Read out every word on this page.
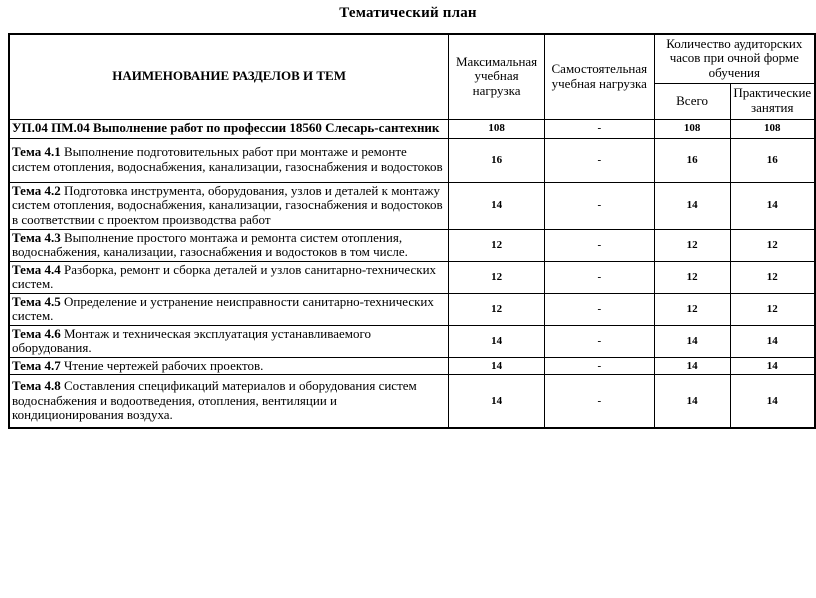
Тематический план
НАИМЕНОВАНИЕ РАЗДЕЛОВ И ТЕМ	Максимальная учебная нагрузка	Самостоятельная учебная нагрузка	Количество аудиторских часов при очной форме обучения	
			Всего	Практические занятия
УП.04 ПМ.04 Выполнение работ по профессии 18560 Слесарь-сантехник	108	-	108	108
Тема 4.1 Выполнение подготовительных работ при монтаже и ремонте систем отопления, водоснабжения, канализации, газоснабжения и водостоков	16	-	16	16
Тема 4.2 Подготовка инструмента, оборудования, узлов и деталей к монтажу систем отопления, водоснабжения, канализации, газоснабжения и водостоков в соответствии с проектом производства работ	14	-	14	14
Тема 4.3 Выполнение простого монтажа и ремонта систем отопления, водоснабжения, канализации, газоснабжения и водостоков в том числе.	12	-	12	12
Тема 4.4 Разборка, ремонт и сборка деталей и узлов санитарно-технических систем.	12	-	12	12
Тема 4.5 Определение и устранение неисправности санитарно-технических систем.	12	-	12	12
Тема 4.6 Монтаж и техническая эксплуатация устанавливаемого оборудования.	14	-	14	14
Тема 4.7 Чтение чертежей рабочих проектов.	14	-	14	14
Тема 4.8 Составления спецификаций материалов и оборудования систем водоснабжения и водоотведения, отопления, вентиляции и кондиционирования воздуха.	14	-	14	14
